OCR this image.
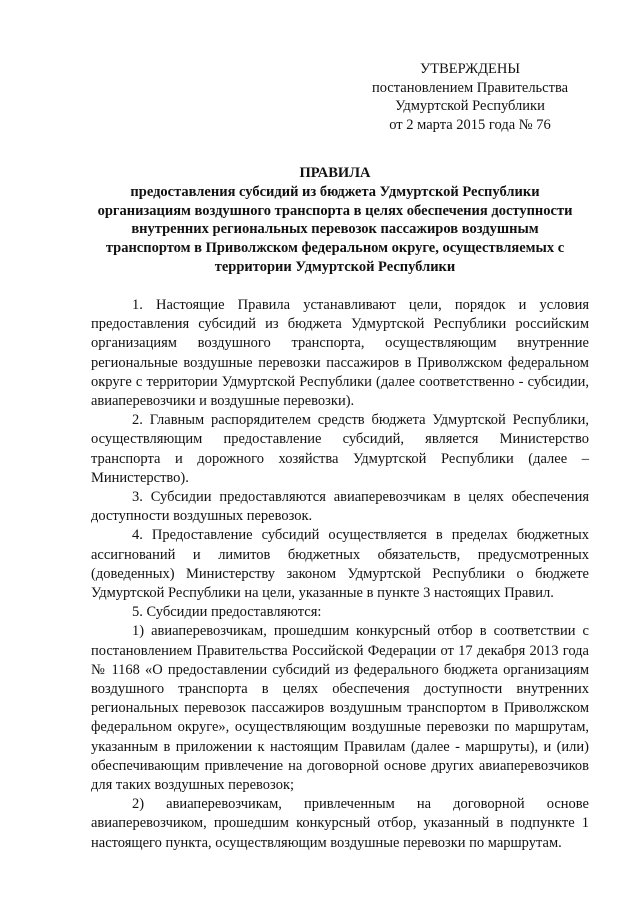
УТВЕРЖДЕНЫ
постановлением Правительства
Удмуртской Республики
от 2 марта 2015 года № 76
ПРАВИЛА
предоставления субсидий из бюджета Удмуртской Республики
организациям воздушного транспорта в целях обеспечения доступности
внутренних региональных перевозок пассажиров воздушным
транспортом в Приволжском федеральном округе, осуществляемых с
территории Удмуртской Республики

1. Настоящие Правила устанавливают цели, порядок и условия предоставления субсидий из бюджета Удмуртской Республики российским организациям воздушного транспорта, осуществляющим внутренние региональные воздушные перевозки пассажиров в Приволжском федеральном округе с территории Удмуртской Республики (далее соответственно - субсидии, авиаперевозчики и воздушные перевозки).

2. Главным распорядителем средств бюджета Удмуртской Республики, осуществляющим предоставление субсидий, является Министерство транспорта и дорожного хозяйства Удмуртской Республики (далее – Министерство).

3. Субсидии предоставляются авиаперевозчикам в целях обеспечения доступности воздушных перевозок.

4. Предоставление субсидий осуществляется в пределах бюджетных ассигнований и лимитов бюджетных обязательств, предусмотренных (доведенных) Министерству законом Удмуртской Республики о бюджете Удмуртской Республики на цели, указанные в пункте 3 настоящих Правил.

5. Субсидии предоставляются:

1) авиаперевозчикам, прошедшим конкурсный отбор в соответствии с постановлением Правительства Российской Федерации от 17 декабря 2013 года № 1168 «О предоставлении субсидий из федерального бюджета организациям воздушного транспорта в целях обеспечения доступности внутренних региональных перевозок пассажиров воздушным транспортом в Приволжском федеральном округе», осуществляющим воздушные перевозки по маршрутам, указанным в приложении к настоящим Правилам (далее - маршруты), и (или) обеспечивающим привлечение на договорной основе других авиаперевозчиков для таких воздушных перевозок;

2) авиаперевозчикам, привлеченным на договорной основе авиаперевозчиком, прошедшим конкурсный отбор, указанный в подпункте 1 настоящего пункта, осуществляющим воздушные перевозки по маршрутам.
